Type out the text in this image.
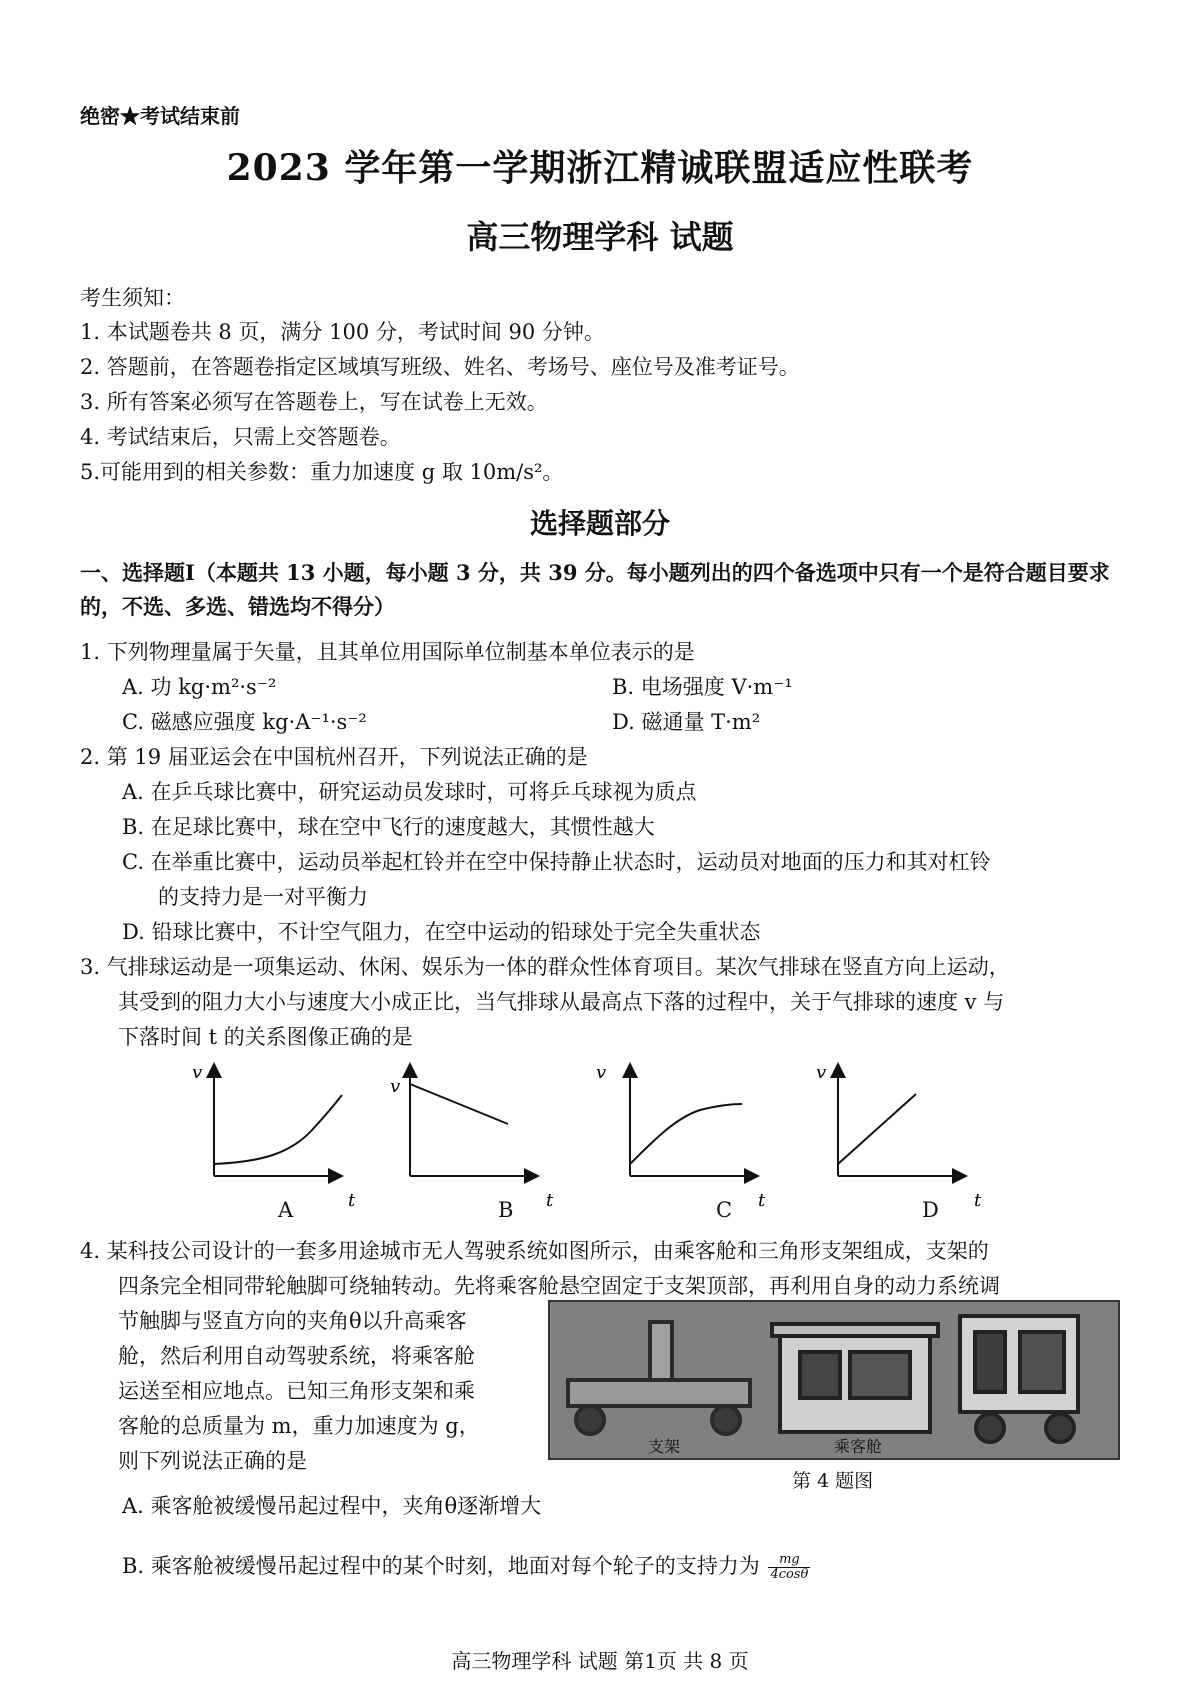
绝密★考试结束前
2023 学年第一学期浙江精诚联盟适应性联考
高三物理学科 试题
考生须知：
1. 本试题卷共 8 页，满分 100 分，考试时间 90 分钟。
2. 答题前，在答题卷指定区域填写班级、姓名、考场号、座位号及准考证号。
3. 所有答案必须写在答题卷上，写在试卷上无效。
4. 考试结束后，只需上交答题卷。
5.可能用到的相关参数：重力加速度 g 取 10m/s²。
选择题部分
一、选择题I（本题共 13 小题，每小题 3 分，共 39 分。每小题列出的四个备选项中只有一个是符合题目要求的，不选、多选、错选均不得分）
1. 下列物理量属于矢量，且其单位用国际单位制基本单位表示的是
A. 功 kg·m²·s⁻²	B. 电场强度 V·m⁻¹
C. 磁感应强度 kg·A⁻¹·s⁻²	D. 磁通量 T·m²
2. 第 19 届亚运会在中国杭州召开，下列说法正确的是
A. 在乒乓球比赛中，研究运动员发球时，可将乒乓球视为质点
B. 在足球比赛中，球在空中飞行的速度越大，其惯性越大
C. 在举重比赛中，运动员举起杠铃并在空中保持静止状态时，运动员对地面的压力和其对杠铃
的支持力是一对平衡力
D. 铅球比赛中，不计空气阻力，在空中运动的铅球处于完全失重状态
3. 气排球运动是一项集运动、休闲、娱乐为一体的群众性体育项目。某次气排球在竖直方向上运动，
其受到的阻力大小与速度大小成正比，当气排球从最高点下落的过程中，关于气排球的速度 v 与
下落时间 t 的关系图像正确的是
v
t
v
t
v
t
v
t
A	B	C	D
4. 某科技公司设计的一套多用途城市无人驾驶系统如图所示，由乘客舱和三角形支架组成，支架的
四条完全相同带轮触脚可绕轴转动。先将乘客舱悬空固定于支架顶部，再利用自身的动力系统调
节触脚与竖直方向的夹角θ以升高乘客
舱，然后利用自动驾驶系统，将乘客舱
运送至相应地点。已知三角形支架和乘
客舱的总质量为 m，重力加速度为 g，
则下列说法正确的是
支架	乘客舱
第 4 题图
A. 乘客舱被缓慢吊起过程中，夹角θ逐渐增大
B. 乘客舱被缓慢吊起过程中的某个时刻，地面对每个轮子的支持力为 $\frac{mg}{4\cos\theta}$
高三物理学科 试题 第1页 共 8 页
